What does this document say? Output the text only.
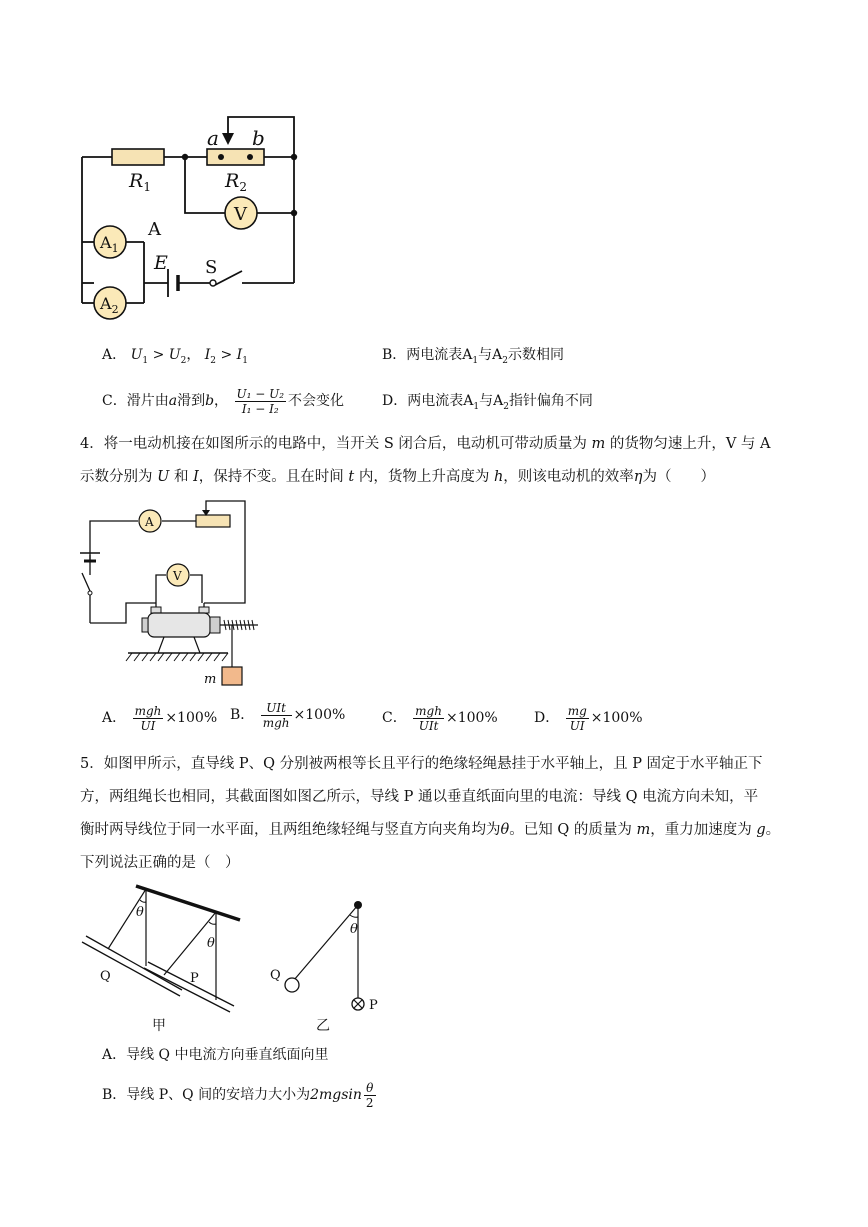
$R_1$	$R_2$
a b
V
$A_1$
$A_2$
A
E S
A． $U_1 > U_2$， $I_2 > I_1$	B．两电流表$A_1$与$A_2$示数相同
C．滑片由a滑到b， $\frac{\text{U₁ − U₂}}{\text{I₁ − I₂}}$ 不会变化	D．两电流表$A_1$与$A_2$指针偏角不同
4．将一电动机接在如图所示的电路中，当开关 S 闭合后，电动机可带动质量为 m 的货物匀速上升，V 与 A
示数分别为 U 和 I，保持不变。且在时间 t 内，货物上升高度为 h，则该电动机的效率η为（　　）
A
V
m
A． $\frac{\text{mgh}}{UI} \times 100\%$ B． $\frac{\text{UIt}}{\text{mgh}} \times 100\%$	C． $\frac{\text{mgh}}{\text{UIt}} \times 100\%$	D． $\frac{mg}{UI} \times 100\%$
5．如图甲所示，直导线 P、Q 分别被两根等长且平行的绝缘轻绳悬挂于水平轴上，且 P 固定于水平轴正下
方，两组绳长也相同，其截面图如图乙所示，导线 P 通以垂直纸面向里的电流：导线 Q 电流方向未知，平
衡时两导线位于同一水平面，且两组绝缘轻绳与竖直方向夹角均为θ。已知 Q 的质量为 m，重力加速度为 g。
下列说法正确的是（　）
θ
θ
Q	P
甲
θ
Q
P
乙
A．导线 Q 中电流方向垂直纸面向里
B．导线 P、Q 间的安培力大小为$2mgsin \frac{\theta}{2}$
